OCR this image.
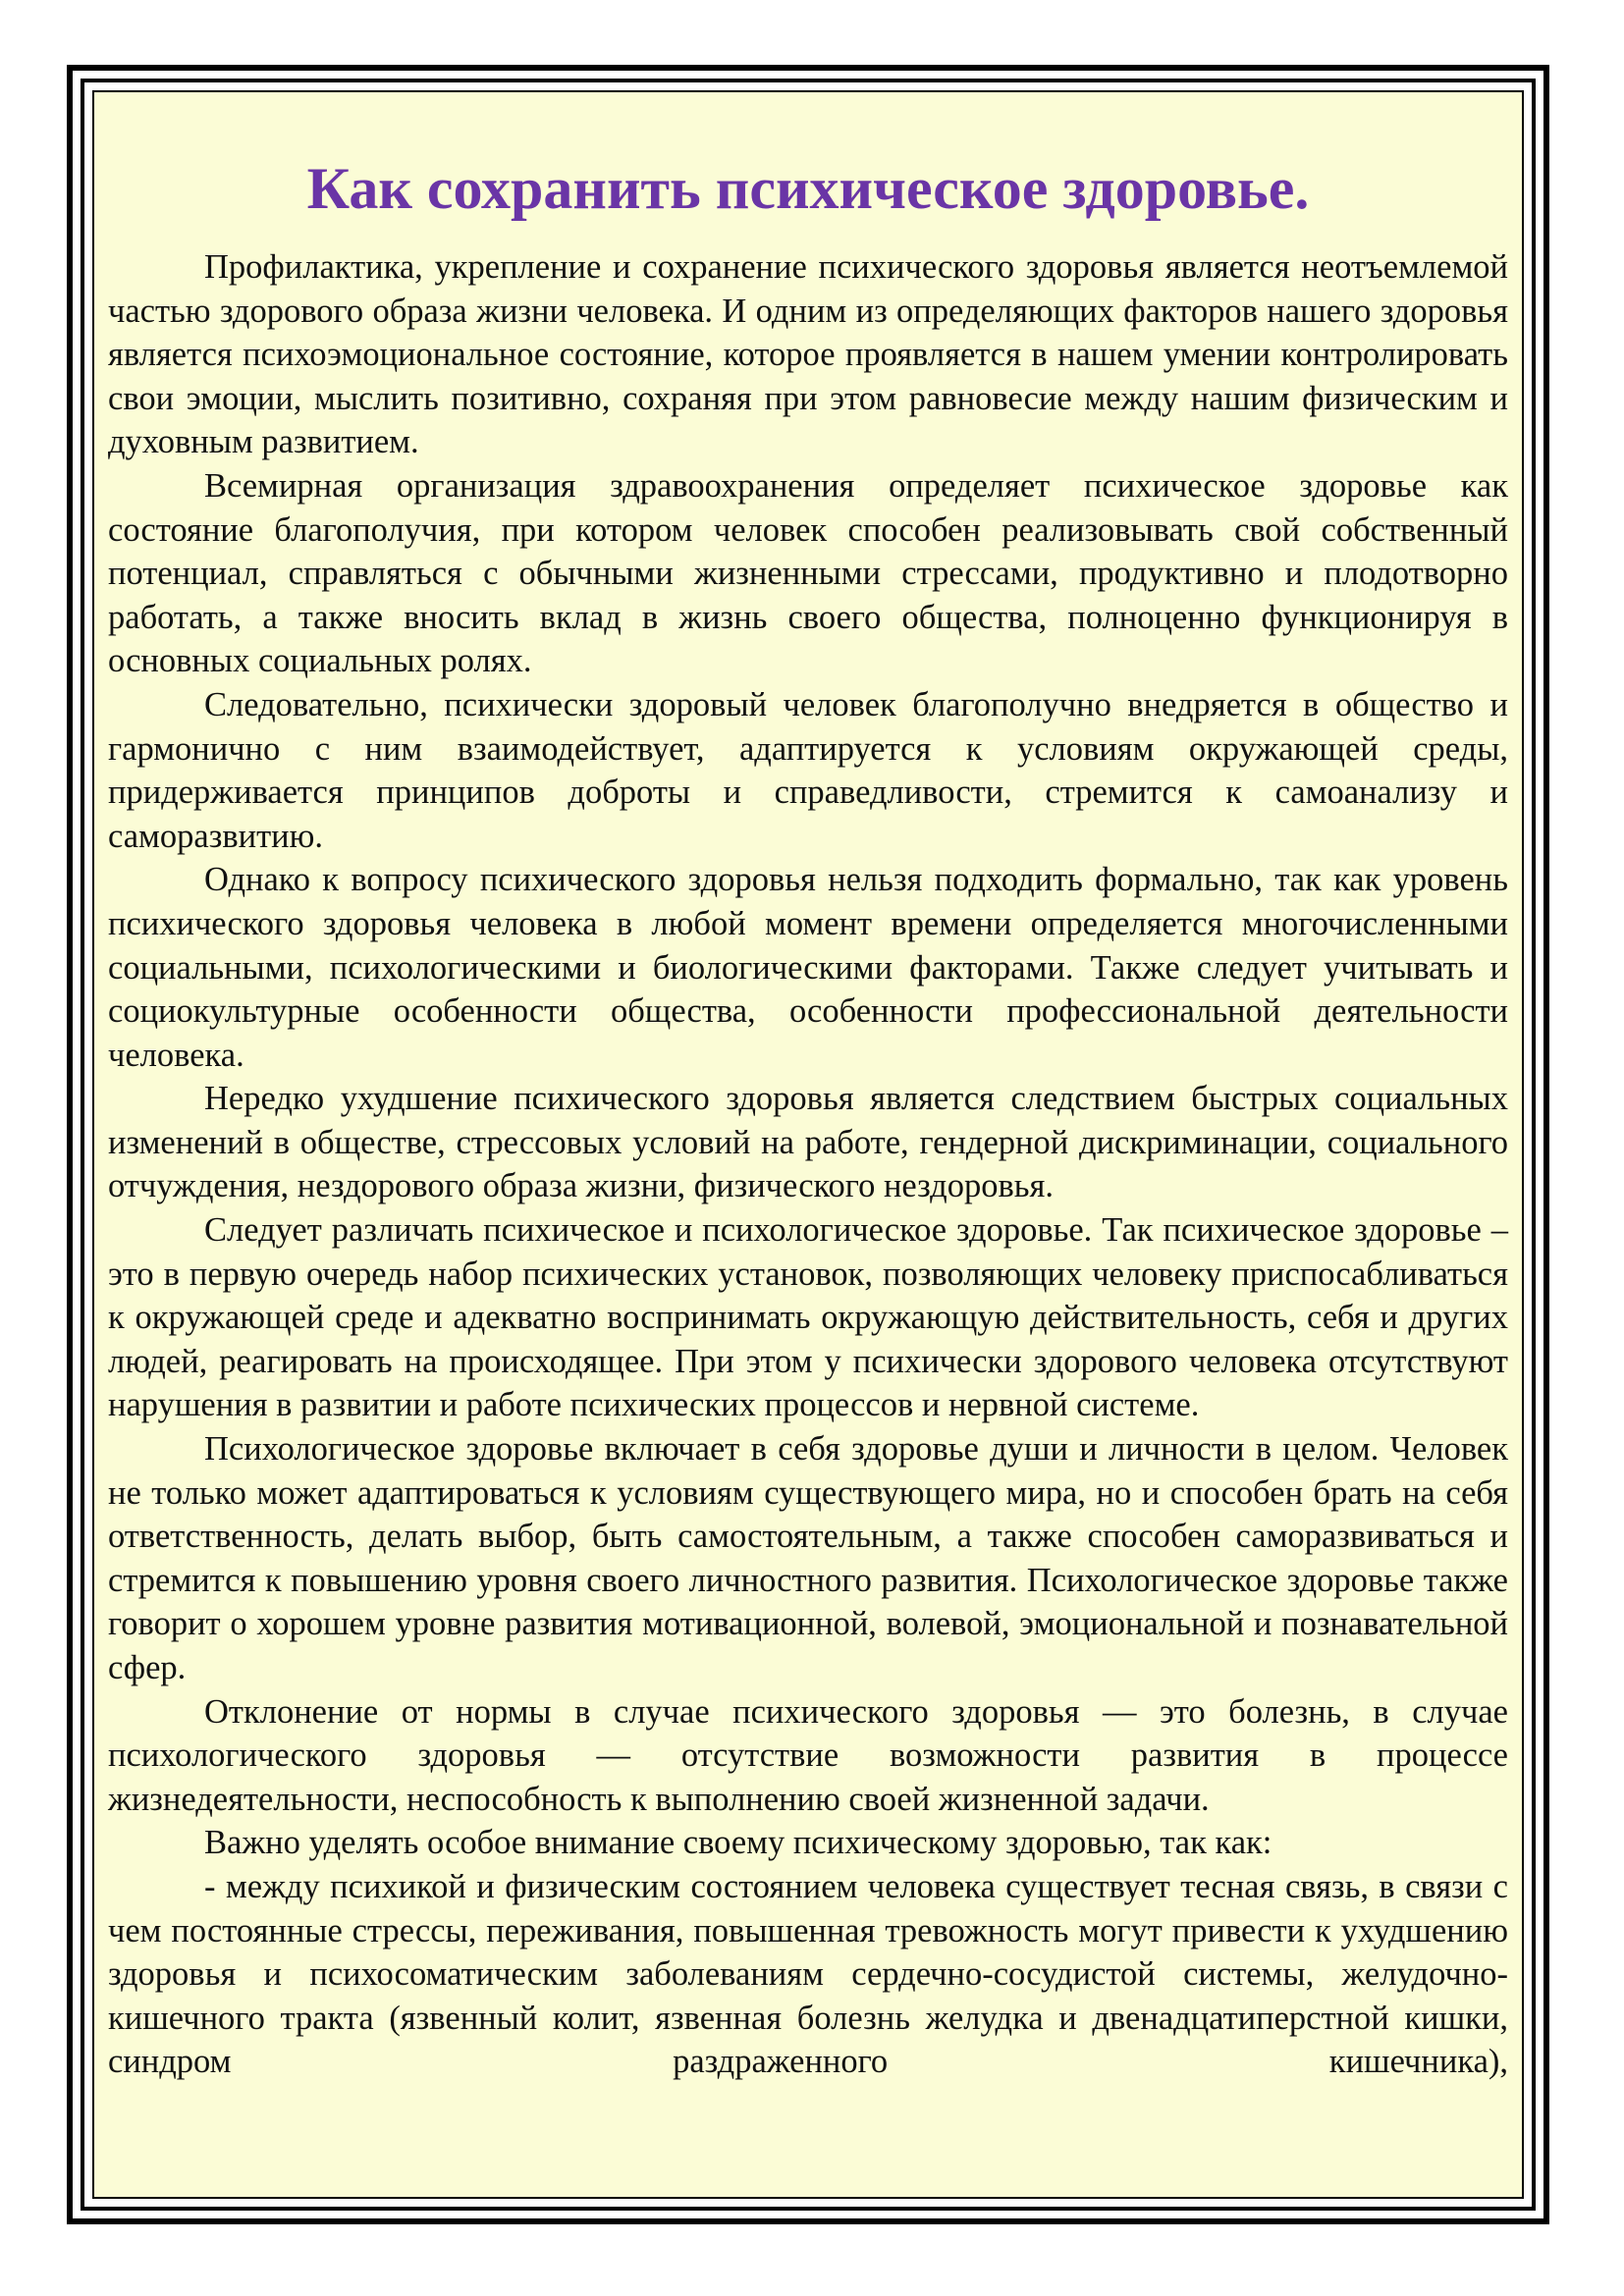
Как сохранить психическое здоровье.

Профилактика, укрепление и сохранение психического здоровья является неотъемлемой частью здорового образа жизни человека. И одним из определяющих факторов нашего здоровья является психоэмоциональное состояние, которое проявляется в нашем умении контролировать свои эмоции, мыслить позитивно, сохраняя при этом равновесие между нашим физическим и духовным развитием.

Всемирная организация здравоохранения определяет психическое здоровье как состояние благополучия, при котором человек способен реализовывать свой собственный потенциал, справляться с обычными жизненными стрессами, продуктивно и плодотворно работать, а также вносить вклад в жизнь своего общества, полноценно функционируя в основных социальных ролях.

Следовательно, психически здоровый человек благополучно внедряется в общество и гармонично с ним взаимодействует, адаптируется к условиям окружающей среды, придерживается принципов доброты и справедливости, стремится к самоанализу и саморазвитию.

Однако к вопросу психического здоровья нельзя подходить формально, так как уровень психического здоровья человека в любой момент времени определяется многочисленными социальными, психологическими и биологическими факторами. Также следует учитывать и социокультурные особенности общества, особенности профессиональной деятельности человека.

Нередко ухудшение психического здоровья является следствием быстрых социальных изменений в обществе, стрессовых условий на работе, гендерной дискриминации, социального отчуждения, нездорового образа жизни, физического нездоровья.

Следует различать психическое и психологическое здоровье. Так психическое здоровье – это в первую очередь набор психических установок, позволяющих человеку приспосабливаться к окружающей среде и адекватно воспринимать окружающую действительность, себя и других людей, реагировать на происходящее. При этом у психически здорового человека отсутствуют нарушения в развитии и работе психических процессов и нервной системе.

Психологическое здоровье включает в себя здоровье души и личности в целом. Человек не только может адаптироваться к условиям существующего мира, но и способен брать на себя ответственность, делать выбор, быть самостоятельным, а также способен саморазвиваться и стремится к повышению уровня своего личностного развития. Психологическое здоровье также говорит о хорошем уровне развития мотивационной, волевой, эмоциональной и познавательной сфер.

Отклонение от нормы в случае психического здоровья — это болезнь, в случае психологического здоровья — отсутствие возможности развития в процессе жизнедеятельности, неспособность к выполнению своей жизненной задачи.

Важно уделять особое внимание своему психическому здоровью, так как:

- между психикой и физическим состоянием человека существует тесная связь, в связи с чем постоянные стрессы, переживания, повышенная тревожность могут привести к ухудшению здоровья и психосоматическим заболеваниям сердечно-сосудистой системы, желудочно-кишечного тракта (язвенный колит, язвенная болезнь желудка и двенадцатиперстной кишки, синдром раздраженного кишечника),
